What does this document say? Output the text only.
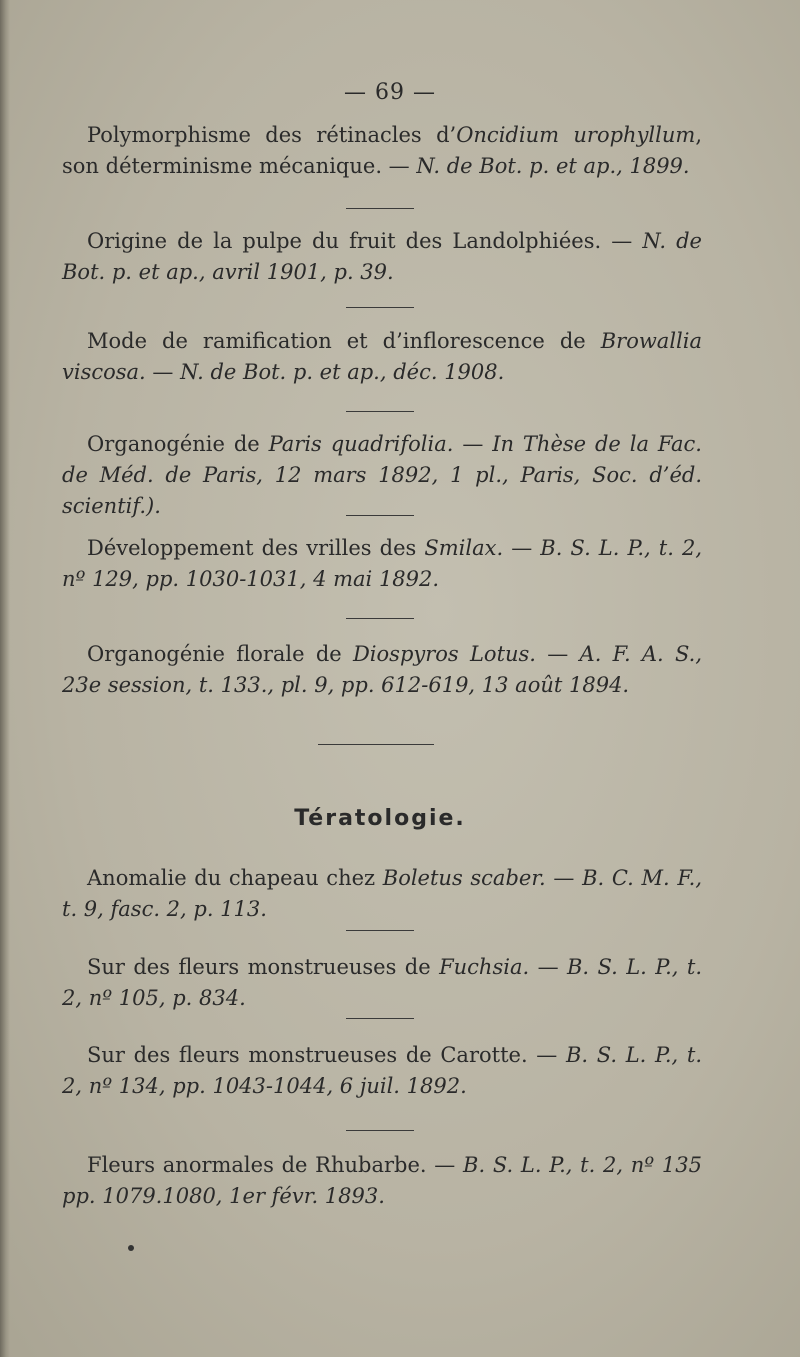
— 69 —

Polymorphisme des rétinacles d’Oncidium urophyllum, son déterminisme mécanique. — N. de Bot. p. et ap., 1899.

Origine de la pulpe du fruit des Landolphiées. — N. de Bot. p. et ap., avril 1901, p. 39.

Mode de ramification et d’inflorescence de Browallia viscosa. — N. de Bot. p. et ap., déc. 1908.

Organogénie de Paris quadrifolia. — In Thèse de la Fac. de Méd. de Paris, 12 mars 1892, 1 pl., Paris, Soc. d’éd. scientif.).

Développement des vrilles des Smilax. — B. S. L. P., t. 2, nº 129, pp. 1030-1031, 4 mai 1892.

Organogénie florale de Diospyros Lotus. — A. F. A. S., 23e session, t. 133., pl. 9, pp. 612-619, 13 août 1894.

Tératologie.

Anomalie du chapeau chez Boletus scaber. — B. C. M. F., t. 9, fasc. 2, p. 113.

Sur des fleurs monstrueuses de Fuchsia. — B. S. L. P., t. 2, nº 105, p. 834.

Sur des fleurs monstrueuses de Carotte. — B. S. L. P., t. 2, nº 134, pp. 1043-1044, 6 juil. 1892.

Fleurs anormales de Rhubarbe. — B. S. L. P., t. 2, nº 135 pp. 1079.1080, 1er févr. 1893.
